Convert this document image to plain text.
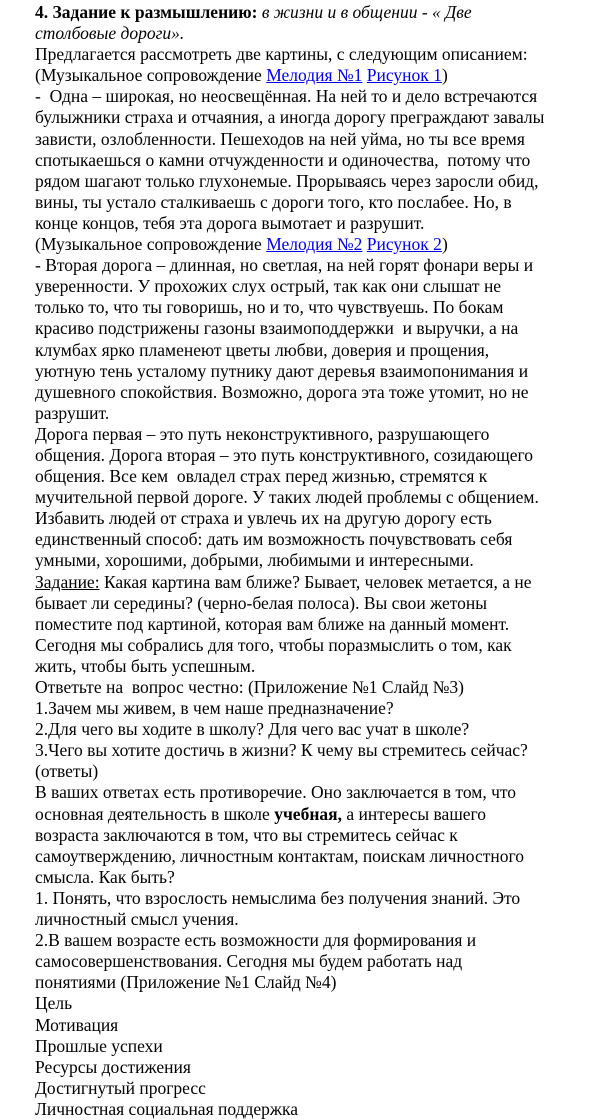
4. Задание к размышлению: в жизни и в общении - « Две
столбовые дороги».
Предлагается рассмотреть две картины, с следующим описанием:
(Музыкальное сопровождение Мелодия №1 Рисунок 1)
-  Одна – широкая, но неосвещённая. На ней то и дело встречаются
булыжники страха и отчаяния, а иногда дорогу преграждают завалы
зависти, озлобленности. Пешеходов на ней уйма, но ты все время
спотыкаешься о камни отчужденности и одиночества,  потому что
рядом шагают только глухонемые. Прорываясь через заросли обид,
вины, ты устало сталкиваешь с дороги того, кто послабее. Но, в
конце концов, тебя эта дорога вымотает и разрушит.
(Музыкальное сопровождение Мелодия №2 Рисунок 2)
- Вторая дорога – длинная, но светлая, на ней горят фонари веры и
уверенности. У прохожих слух острый, так как они слышат не
только то, что ты говоришь, но и то, что чувствуешь. По бокам
красиво подстрижены газоны взаимоподдержки  и выручки, а на
клумбах ярко пламенеют цветы любви, доверия и прощения,
уютную тень усталому путнику дают деревья взаимопонимания и
душевного спокойствия. Возможно, дорога эта тоже утомит, но не
разрушит.
Дорога первая – это путь неконструктивного, разрушающего
общения. Дорога вторая – это путь конструктивного, созидающего
общения. Все кем  овладел страх перед жизнью, стремятся к
мучительной первой дороге. У таких людей проблемы с общением.
Избавить людей от страха и увлечь их на другую дорогу есть
единственный способ: дать им возможность почувствовать себя
умными, хорошими, добрыми, любимыми и интересными.
Задание: Какая картина вам ближе? Бывает, человек метается, а не
бывает ли середины? (черно-белая полоса). Вы свои жетоны
поместите под картиной, которая вам ближе на данный момент.
Сегодня мы собрались для того, чтобы поразмыслить о том, как
жить, чтобы быть успешным.
Ответьте на  вопрос честно: (Приложение №1 Слайд №3)
1.Зачем мы живем, в чем наше предназначение?
2.Для чего вы ходите в школу? Для чего вас учат в школе?
3.Чего вы хотите достичь в жизни? К чему вы стремитесь сейчас?
(ответы)
В ваших ответах есть противоречие. Оно заключается в том, что
основная деятельность в школе учебная, а интересы вашего
возраста заключаются в том, что вы стремитесь сейчас к
самоутверждению, личностным контактам, поискам личностного
смысла. Как быть?
1. Понять, что взрослость немыслима без получения знаний. Это
личностный смысл учения.
2.В вашем возрасте есть возможности для формирования и
самосовершенствования. Сегодня мы будем работать над
понятиями (Приложение №1 Слайд №4)
Цель
Мотивация
Прошлые успехи
Ресурсы достижения
Достигнутый прогресс
Личностная социальная поддержка
